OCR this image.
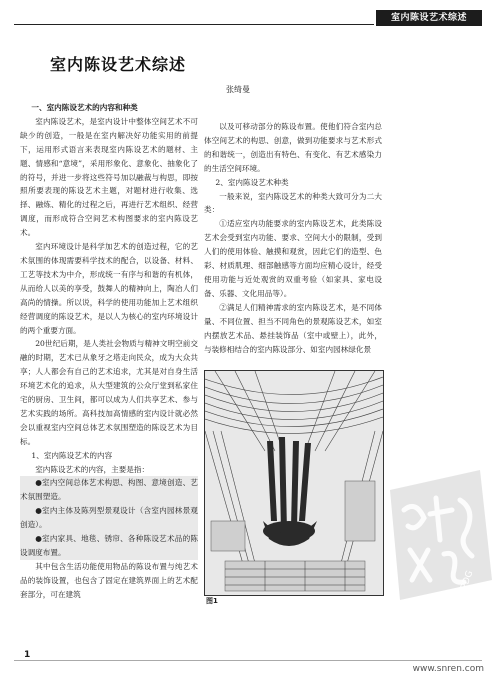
室内陈设艺术综述
室内陈设艺术综述
张绮曼

一、室内陈设艺术的内容和种类

室内陈设艺术，是室内设计中整体空间艺术不可缺少的创造，一般是在室内解决好功能实用的前提下，运用形式语言来表现室内陈设艺术的题材、主题、情感和“意境”，采用形象化、意象化、抽象化了的符号，并进一步将这些符号加以融裁与构思，即按照所要表现的陈设艺术主题，对题材进行收集、选择、融炼、精化的过程之后，再进行艺术组织、经营调度，而形成符合空间艺术构图要求的室内陈设艺术。

室内环境设计是科学加艺术的创造过程，它的艺术氛围的体现需要科学技术的配合，以设备、材料、工艺等技术为中介，形成统一有序与和谐的有机体，从而给人以美的享受，鼓舞人的精神向上，陶冶人们高尚的情操。所以说，科学的使用功能加上艺术组织经营调度的陈设艺术，是以人为核心的室内环境设计的两个重要方面。

20世纪后期，是人类社会物质与精神文明空前交融的时期，艺术已从象牙之塔走向民众，成为大众共享；人人都会有自己的艺术追求，尤其是对自身生活环境艺术化的追求，从大型建筑的公众厅堂到私家住宅的厨房、卫生间，都可以成为人们共享艺术、参与艺术实践的场所。高科技加高情感的室内设计就必然会以重视室内空间总体艺术氛围塑造的陈设艺术为目标。

1、室内陈设艺术的内容

室内陈设艺术的内容，主要是指：

●室内空间总体艺术构思、构图、意境创造、艺术氛围塑造。

●室内主体及陈列型景观设计（含室内园林景观创造）。

●室内家具、地毯、锈帘、各种陈设艺术品的陈设调度布置。

其中包含生活功能使用物品的陈设布置与纯艺术品的装饰设置，也包含了固定在建筑界面上的艺术配套部分，可在建筑

以及可移动部分的陈设布置。使他们符合室内总体空间艺术的构思、创意，做到功能要求与艺术形式的和谐统一，创造出有特色、有变化、有艺术感染力的生活空间环境。

2、室内陈设艺术种类

一般来说，室内陈设艺术的种类大致可分为二大类：

①适应室内功能要求的室内陈设艺术，此类陈设艺术会受到室内功能、要求、空间大小的限制，受到人们的使用体验、触摸和观赏，因此它们的造型、色彩、材质肌理、细部触感等方面均应精心设计，经受使用功能与近处观赏的双重考验（如家具、家电设备、乐器、文化用品等）。

②满足人们精神需求的室内陈设艺术，是不同体量、不同位置、担当不同角色的景观陈设艺术，如室内摆放艺术品、悬挂装饰品（室中或壁上），此外，与装修相结合的室内陈设部分、如室内园林绿化景

图1
PDG
1
www.snren.com
